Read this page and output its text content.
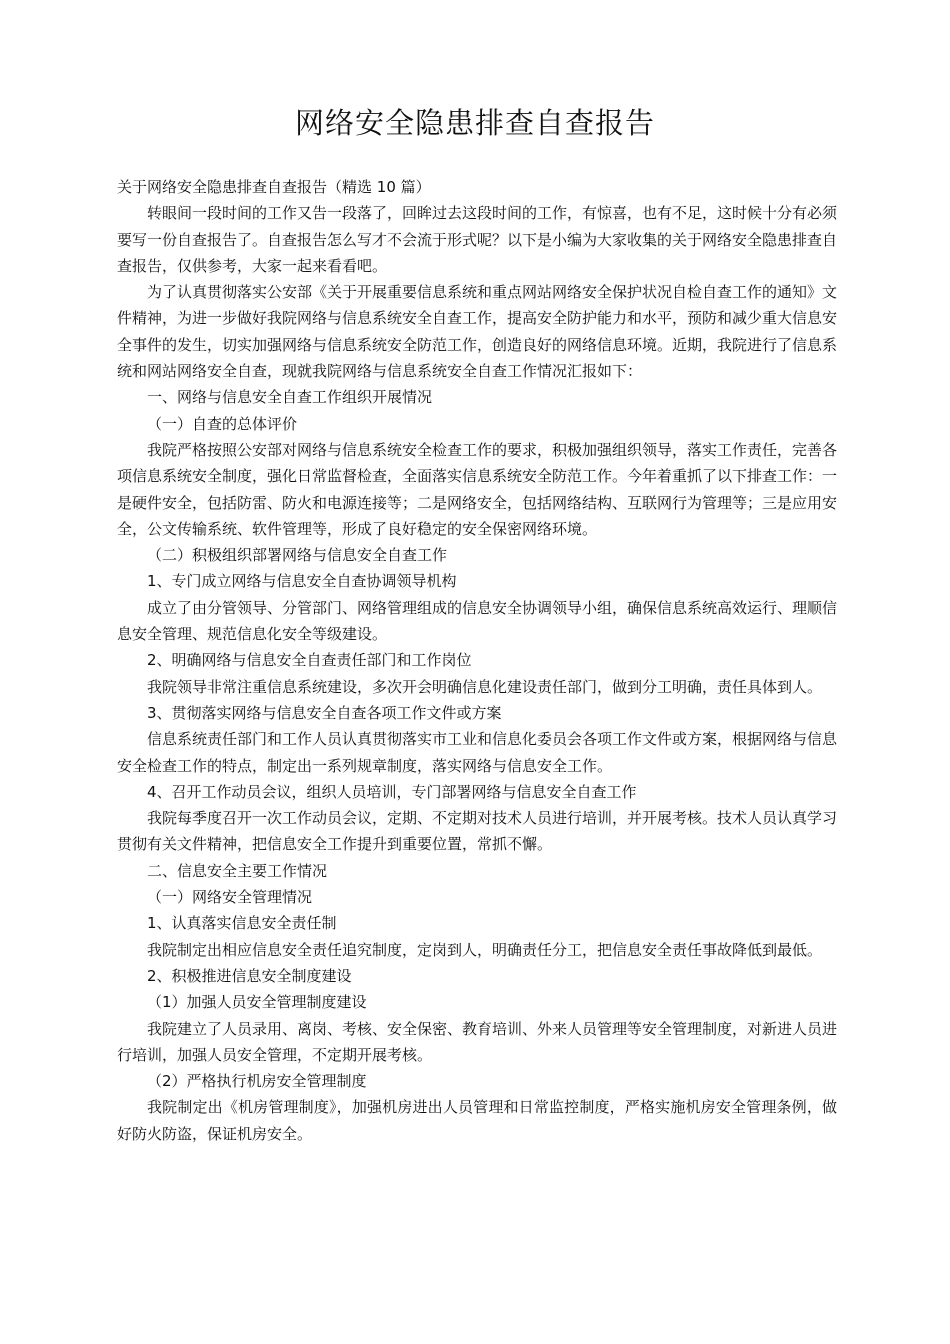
网络安全隐患排查自查报告

关于网络安全隐患排查自查报告（精选 10 篇）

转眼间一段时间的工作又告一段落了，回眸过去这段时间的工作，有惊喜，也有不足，这时候十分有必须要写一份自查报告了。自查报告怎么写才不会流于形式呢？以下是小编为大家收集的关于网络安全隐患排查自查报告，仅供参考，大家一起来看看吧。

为了认真贯彻落实公安部《关于开展重要信息系统和重点网站网络安全保护状况自检自查工作的通知》文件精神，为进一步做好我院网络与信息系统安全自查工作，提高安全防护能力和水平，预防和减少重大信息安全事件的发生，切实加强网络与信息系统安全防范工作，创造良好的网络信息环境。近期，我院进行了信息系统和网站网络安全自查，现就我院网络与信息系统安全自查工作情况汇报如下：

一、网络与信息安全自查工作组织开展情况

（一）自查的总体评价

我院严格按照公安部对网络与信息系统安全检查工作的要求，积极加强组织领导，落实工作责任，完善各项信息系统安全制度，强化日常监督检查，全面落实信息系统安全防范工作。今年着重抓了以下排查工作：一是硬件安全，包括防雷、防火和电源连接等；二是网络安全，包括网络结构、互联网行为管理等；三是应用安全，公文传输系统、软件管理等，形成了良好稳定的安全保密网络环境。

（二）积极组织部署网络与信息安全自查工作

1、专门成立网络与信息安全自查协调领导机构

成立了由分管领导、分管部门、网络管理组成的信息安全协调领导小组，确保信息系统高效运行、理顺信息安全管理、规范信息化安全等级建设。

2、明确网络与信息安全自查责任部门和工作岗位

我院领导非常注重信息系统建设，多次开会明确信息化建设责任部门，做到分工明确，责任具体到人。

3、贯彻落实网络与信息安全自查各项工作文件或方案

信息系统责任部门和工作人员认真贯彻落实市工业和信息化委员会各项工作文件或方案，根据网络与信息安全检查工作的特点，制定出一系列规章制度，落实网络与信息安全工作。

4、召开工作动员会议，组织人员培训，专门部署网络与信息安全自查工作

我院每季度召开一次工作动员会议，定期、不定期对技术人员进行培训，并开展考核。技术人员认真学习贯彻有关文件精神，把信息安全工作提升到重要位置，常抓不懈。

二、信息安全主要工作情况

（一）网络安全管理情况

1、认真落实信息安全责任制

我院制定出相应信息安全责任追究制度，定岗到人，明确责任分工，把信息安全责任事故降低到最低。

2、积极推进信息安全制度建设

（1）加强人员安全管理制度建设

我院建立了人员录用、离岗、考核、安全保密、教育培训、外来人员管理等安全管理制度，对新进人员进行培训，加强人员安全管理，不定期开展考核。

（2）严格执行机房安全管理制度

我院制定出《机房管理制度》，加强机房进出人员管理和日常监控制度，严格实施机房安全管理条例，做好防火防盗，保证机房安全。
